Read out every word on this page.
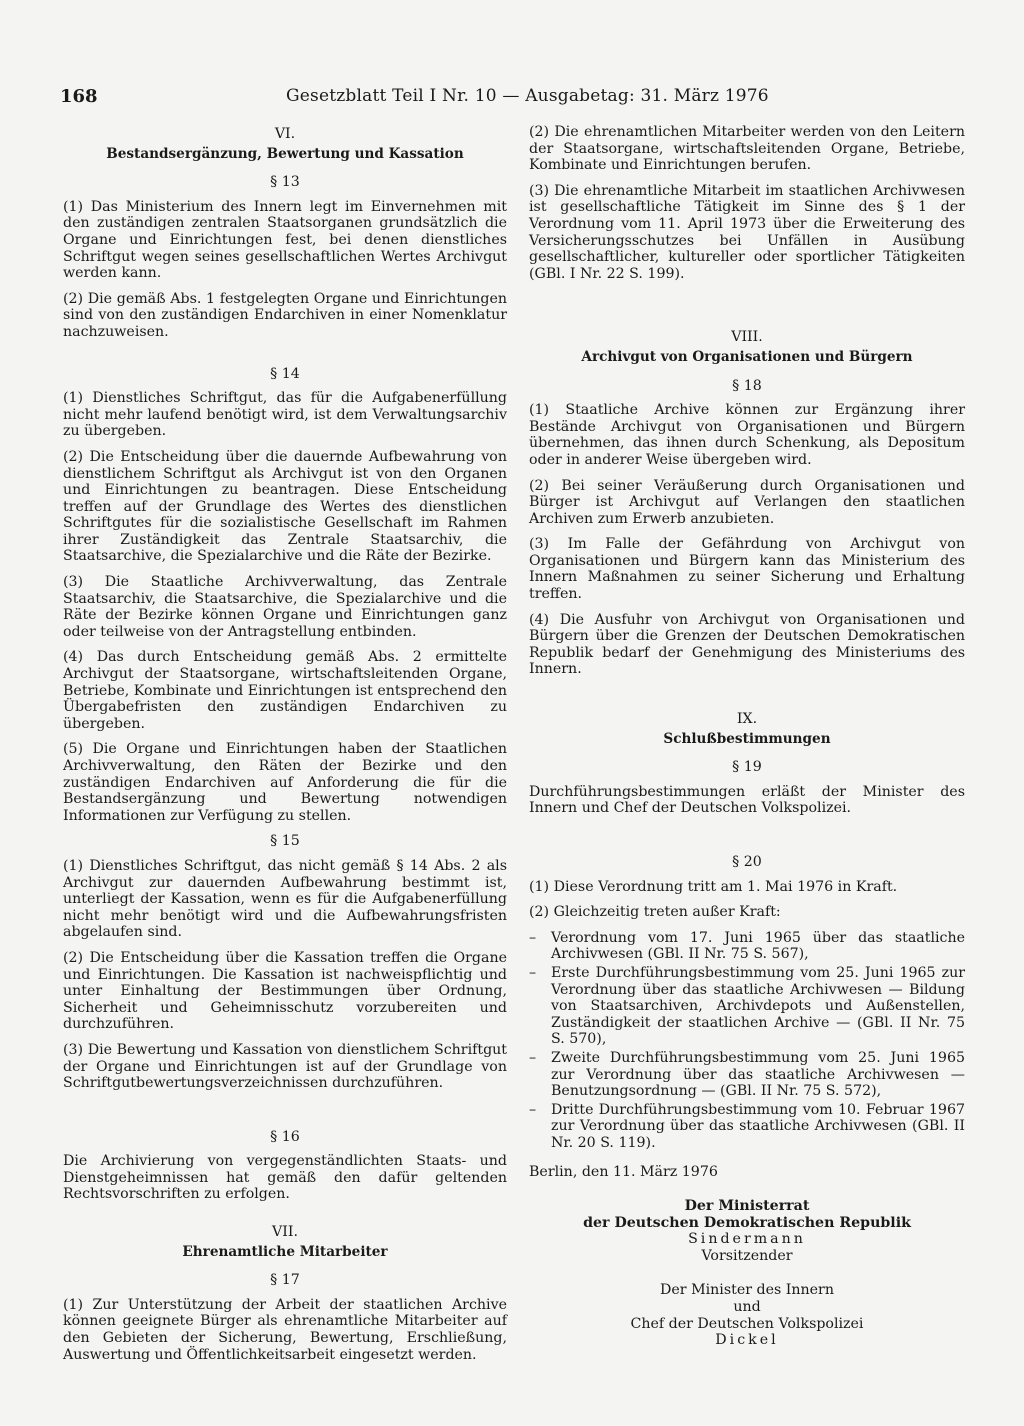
168	Gesetzblatt Teil I Nr. 10 — Ausgabetag: 31. März 1976
VI.
Bestandsergänzung, Bewertung und Kassation
§ 13

(1) Das Ministerium des Innern legt im Einvernehmen mit den zuständigen zentralen Staatsorganen grundsätzlich die Organe und Einrichtungen fest, bei denen dienstliches Schriftgut wegen seines gesellschaftlichen Wertes Archivgut werden kann.

(2) Die gemäß Abs. 1 festgelegten Organe und Einrichtungen sind von den zuständigen Endarchiven in einer Nomenklatur nachzuweisen.

§ 14

(1) Dienstliches Schriftgut, das für die Aufgabenerfüllung nicht mehr laufend benötigt wird, ist dem Verwaltungsarchiv zu übergeben.

(2) Die Entscheidung über die dauernde Aufbewahrung von dienstlichem Schriftgut als Archivgut ist von den Organen und Einrichtungen zu beantragen. Diese Entscheidung treffen auf der Grundlage des Wertes des dienstlichen Schriftgutes für die sozialistische Gesellschaft im Rahmen ihrer Zuständigkeit das Zentrale Staatsarchiv, die Staatsarchive, die Spezialarchive und die Räte der Bezirke.

(3) Die Staatliche Archivverwaltung, das Zentrale Staatsarchiv, die Staatsarchive, die Spezialarchive und die Räte der Bezirke können Organe und Einrichtungen ganz oder teilweise von der Antragstellung entbinden.

(4) Das durch Entscheidung gemäß Abs. 2 ermittelte Archivgut der Staatsorgane, wirtschaftsleitenden Organe, Betriebe, Kombinate und Einrichtungen ist entsprechend den Übergabefristen den zuständigen Endarchiven zu übergeben.

(5) Die Organe und Einrichtungen haben der Staatlichen Archivverwaltung, den Räten der Bezirke und den zuständigen Endarchiven auf Anforderung die für die Bestandsergänzung und Bewertung notwendigen Informationen zur Verfügung zu stellen.

§ 15

(1) Dienstliches Schriftgut, das nicht gemäß § 14 Abs. 2 als Archivgut zur dauernden Aufbewahrung bestimmt ist, unterliegt der Kassation, wenn es für die Aufgabenerfüllung nicht mehr benötigt wird und die Aufbewahrungsfristen abgelaufen sind.

(2) Die Entscheidung über die Kassation treffen die Organe und Einrichtungen. Die Kassation ist nachweispflichtig und unter Einhaltung der Bestimmungen über Ordnung, Sicherheit und Geheimnisschutz vorzubereiten und durchzuführen.

(3) Die Bewertung und Kassation von dienstlichem Schriftgut der Organe und Einrichtungen ist auf der Grundlage von Schriftgutbewertungsverzeichnissen durchzuführen.

§ 16

Die Archivierung von vergegenständlichten Staats- und Dienstgeheimnissen hat gemäß den dafür geltenden Rechtsvorschriften zu erfolgen.

VII.
Ehrenamtliche Mitarbeiter
§ 17

(1) Zur Unterstützung der Arbeit der staatlichen Archive können geeignete Bürger als ehrenamtliche Mitarbeiter auf den Gebieten der Sicherung, Bewertung, Erschließung, Auswertung und Öffentlichkeitsarbeit eingesetzt werden.

(2) Die ehrenamtlichen Mitarbeiter werden von den Leitern der Staatsorgane, wirtschaftsleitenden Organe, Betriebe, Kombinate und Einrichtungen berufen.

(3) Die ehrenamtliche Mitarbeit im staatlichen Archivwesen ist gesellschaftliche Tätigkeit im Sinne des § 1 der Verordnung vom 11. April 1973 über die Erweiterung des Versicherungsschutzes bei Unfällen in Ausübung gesellschaftlicher, kultureller oder sportlicher Tätigkeiten (GBl. I Nr. 22 S. 199).

VIII.
Archivgut von Organisationen und Bürgern
§ 18

(1) Staatliche Archive können zur Ergänzung ihrer Bestände Archivgut von Organisationen und Bürgern übernehmen, das ihnen durch Schenkung, als Depositum oder in anderer Weise übergeben wird.

(2) Bei seiner Veräußerung durch Organisationen und Bürger ist Archivgut auf Verlangen den staatlichen Archiven zum Erwerb anzubieten.

(3) Im Falle der Gefährdung von Archivgut von Organisationen und Bürgern kann das Ministerium des Innern Maßnahmen zu seiner Sicherung und Erhaltung treffen.

(4) Die Ausfuhr von Archivgut von Organisationen und Bürgern über die Grenzen der Deutschen Demokratischen Republik bedarf der Genehmigung des Ministeriums des Innern.

IX.
Schlußbestimmungen
§ 19

Durchführungsbestimmungen erläßt der Minister des Innern und Chef der Deutschen Volkspolizei.

§ 20

(1) Diese Verordnung tritt am 1. Mai 1976 in Kraft.

(2) Gleichzeitig treten außer Kraft:

– Verordnung vom 17. Juni 1965 über das staatliche Archivwesen (GBl. II Nr. 75 S. 567),
– Erste Durchführungsbestimmung vom 25. Juni 1965 zur Verordnung über das staatliche Archivwesen — Bildung von Staatsarchiven, Archivdepots und Außenstellen, Zuständigkeit der staatlichen Archive — (GBl. II Nr. 75 S. 570),
– Zweite Durchführungsbestimmung vom 25. Juni 1965 zur Verordnung über das staatliche Archivwesen — Benutzungsordnung — (GBl. II Nr. 75 S. 572),
– Dritte Durchführungsbestimmung vom 10. Februar 1967 zur Verordnung über das staatliche Archivwesen (GBl. II Nr. 20 S. 119).

Berlin, den 11. März 1976

Der Ministerrat
der Deutschen Demokratischen Republik
Sindermann
Vorsitzender
Der Minister des Innern
und
Chef der Deutschen Volkspolizei
Dickel
